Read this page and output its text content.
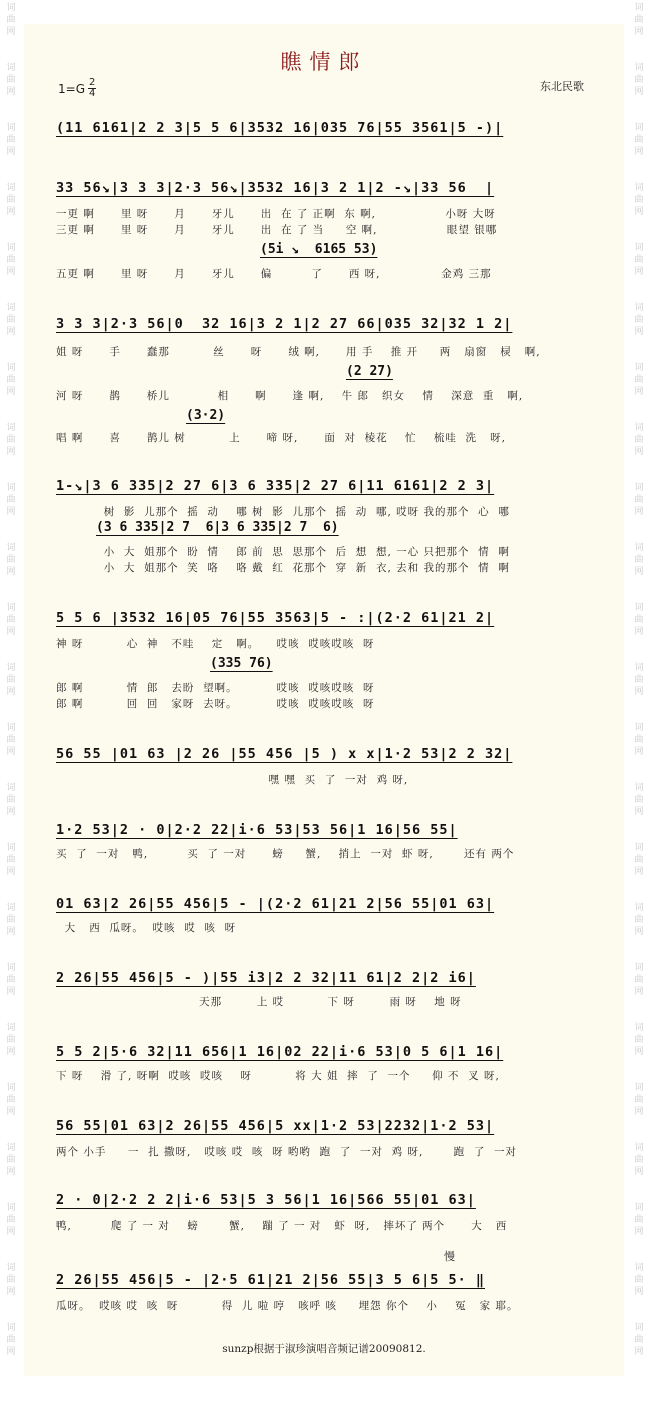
词
曲
网
词
曲
网
词
曲
网
词
曲
网
词
曲
网
词
曲
网
词
曲
网
词
曲
网
词
曲
网
词
曲
网
词
曲
网
词
曲
网
词
曲
网
词
曲
网
词
曲
网
词
曲
网
词
曲
网
词
曲
网
词
曲
网
词
曲
网
词
曲
网
词
曲
网
词
曲
网
词
曲
网
词
曲
网
词
曲
网
词
曲
网
词
曲
网
词
曲
网
词
曲
网
词
曲
网
词
曲
网
词
曲
网
词
曲
网
词
曲
网
词
曲
网
词
曲
网
词
曲
网
词
曲
网
词
曲
网
词
曲
网
词
曲
网
词
曲
网
词
曲
网
词
曲
网
词
曲
网
瞧情郎
$1=G \frac{2}{4}$	东北民歌
(11 6161|2 2 3|5 5 6|3532 16|035 76|55 3561|5 -)|
33 56↘|3 3 3|2·3 56↘|3532 16|3 2 1|2 -↘|33 56  |
一更 啊      里 呀      月      牙儿      出  在 了 正啊  东 啊,                小呀 大呀
三更 啊      里 呀      月      牙儿      出  在 了 当     空 啊,                眼望 银哪
(5i ↘  6165 53)
五更 啊      里 呀      月      牙儿      偏         了      西 呀,              金鸡 三那
3 3 3|2·3 56|0  32 16|3 2 1|2 27 66|035 32|32 1 2|
姐 呀      手      蠢那          丝      呀      绒 啊,      用 手    推 开     两   扇窗   棂   啊,
(2 27)
河 呀      鹊      桥儿           相      啊      逢 啊,    牛 郎   织女    情    深意  重   啊,
(3·2)
唱 啊      喜      鹊儿 树          上      啼 呀,      面  对  棱花    忙    梳哇  洗   呀,
1-↘|3 6 335|2 27 6|3 6 335|2 27 6|11 6161|2 2 3|
树  影  儿那个  摇  动    哪 树  影  儿那个  摇  动  哪, 哎呀 我的那个  心  哪
(3 6 335|2 7  6|3 6 335|2 7  6)
小  大  姐那个  盼  情    郎 前  思  思那个  后  想  想, 一心 只把那个  情  啊
小  大  姐那个  笑  咯    咯 戴  红  花那个  穿  新  衣, 去和 我的那个  情  啊
5 5 6 |3532 16|05 76|55 3563|5 - :|(2·2 61|21 2|
神 呀          心  神   不哇    定   啊。    哎咳  哎咳哎咳  呀
(335 76)
郎 啊          情  郎   去盼  望啊。         哎咳  哎咳哎咳  呀
郎 啊          回  回   家呀  去呀。         哎咳  哎咳哎咳  呀
56 55 |01 63 |2 26 |55 456 |5 ) x x|1·2 53|2 2 32|
嘿 嘿  买  了  一对  鸡 呀,
1·2 53|2 · 0|2·2 22|i·6 53|53 56|1 16|56 55|
买  了  一对   鸭,         买  了 一对      螃     蟹,    捎上  一对  虾 呀,       还有 两个
01 63|2 26|55 456|5 - |(2·2 61|21 2|56 55|01 63|
大   西  瓜呀。  哎咳  哎  咳  呀
2 26|55 456|5 - )|55 i3|2 2 32|11 61|2 2|2 i6|
天那        上 哎          下 呀        雨 呀    地 呀
5 5 2|5·6 32|11 656|1 16|02 22|i·6 53|0 5 6|1 16|
下 呀    滑 了, 呀啊  哎咳  哎咳    呀          将 大 姐  摔  了  一个     仰 不  叉 呀,
56 55|01 63|2 26|55 456|5 xx|1·2 53|2232|1·2 53|
两个 小手     一  扎 撒呀,   哎咳 哎  咳  呀 哟哟  跑  了  一对  鸡 呀,       跑  了  一对
2 · 0|2·2 2 2|i·6 53|5 3 56|1 16|566 55|01 63|
鸭,         爬 了 一 对    螃       蟹,    蹦 了 一 对   虾  呀,   摔坏了 两个      大   西
慢
2 26|55 456|5 - |2·5 61|21 2|56 55|3 5 6|5 5· ‖
瓜呀。  哎咳 哎  咳  呀          得  儿 啦 哼   咳呼 咳     埋怨 你个    小    冤   家 耶。
sunzp根据于淑珍演唱音频记谱20090812.
